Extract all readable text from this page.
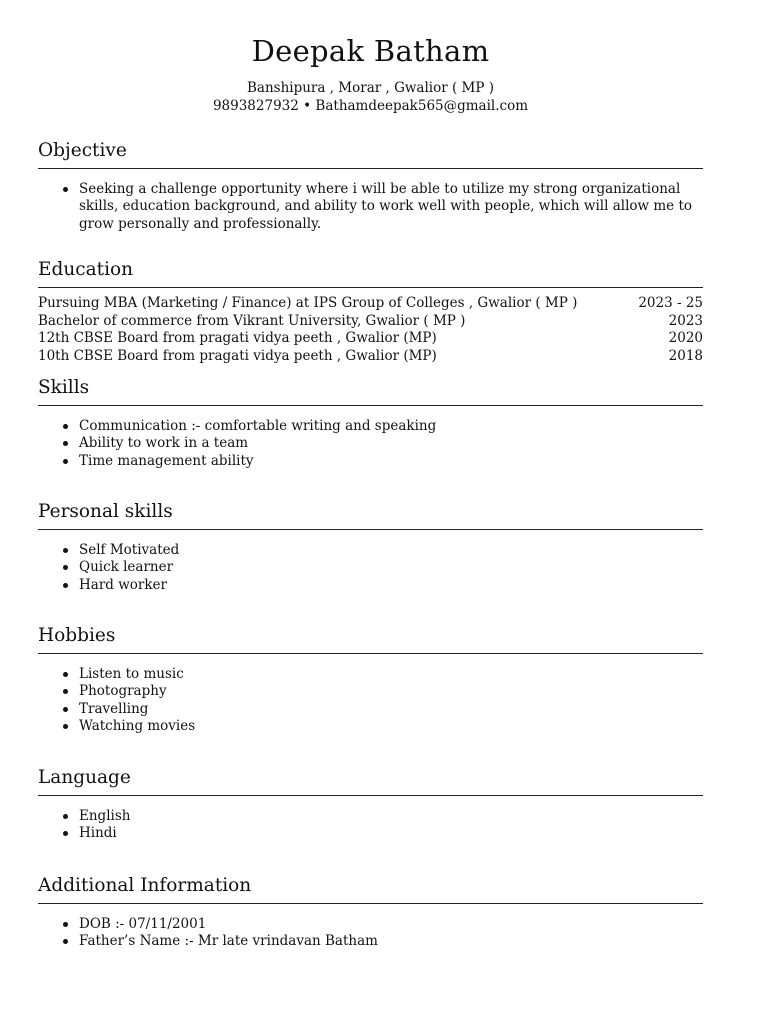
Deepak Batham
Banshipura , Morar , Gwalior ( MP )
9893827932 • Bathamdeepak565@gmail.com
Objective
Seeking a challenge opportunity where i will be able to utilize my strong organizational skills, education background, and ability to work well with people, which will allow me to grow personally and professionally.
Education
Pursuing MBA (Marketing / Finance) at IPS Group of Colleges , Gwalior ( MP )	2023 - 25
Bachelor of commerce from Vikrant University, Gwalior ( MP )	2023
12th CBSE Board from pragati vidya peeth , Gwalior (MP)	2020
10th CBSE Board from pragati vidya peeth , Gwalior (MP)	2018
Skills
Communication :- comfortable writing and speaking
Ability to work in a team
Time management ability
Personal skills
Self Motivated
Quick learner
Hard worker
Hobbies
Listen to music
Photography
Travelling
Watching movies
Language
English
Hindi
Additional Information
DOB :- 07/11/2001
Father’s Name :- Mr late vrindavan Batham
